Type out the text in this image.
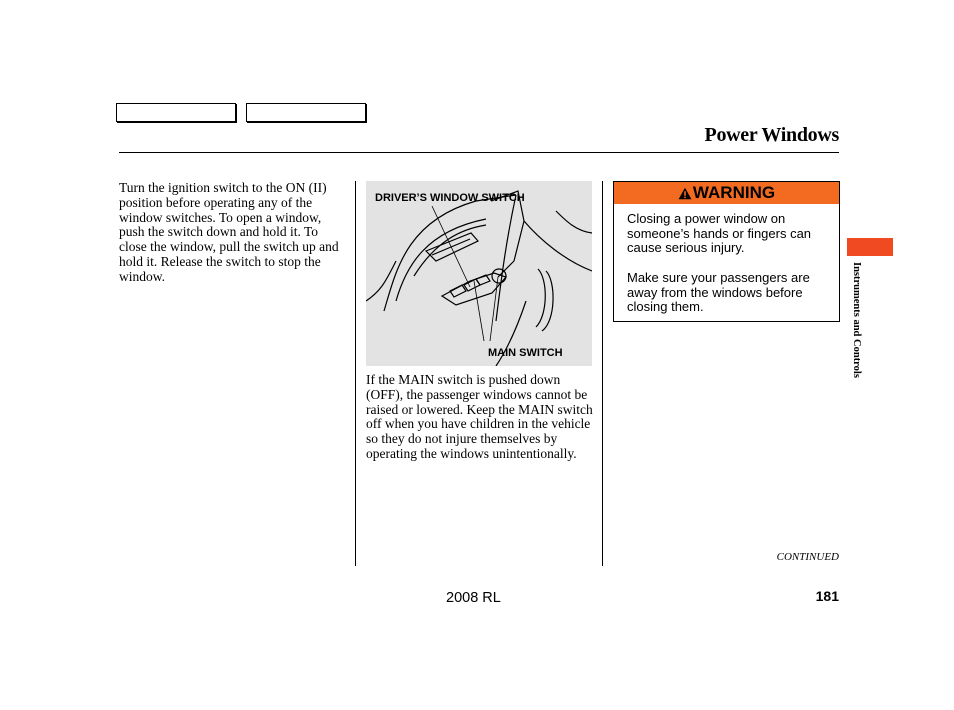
Power Windows
Turn the ignition switch to the ON (II) position before operating any of the window switches. To open a window, push the switch down and hold it. To close the window, pull the switch up and hold it. Release the switch to stop the window.
DRIVER’S WINDOW SWITCH
MAIN SWITCH
If the MAIN switch is pushed down (OFF), the passenger windows cannot be raised or lowered. Keep the MAIN switch off when you have children in the vehicle so they do not injure themselves by operating the windows unintentionally.
WARNING

Closing a power window on someone’s hands or fingers can cause serious injury.

Make sure your passengers are away from the windows before closing them.	Instruments and Controls
CONTINUED
2008 RL	181
